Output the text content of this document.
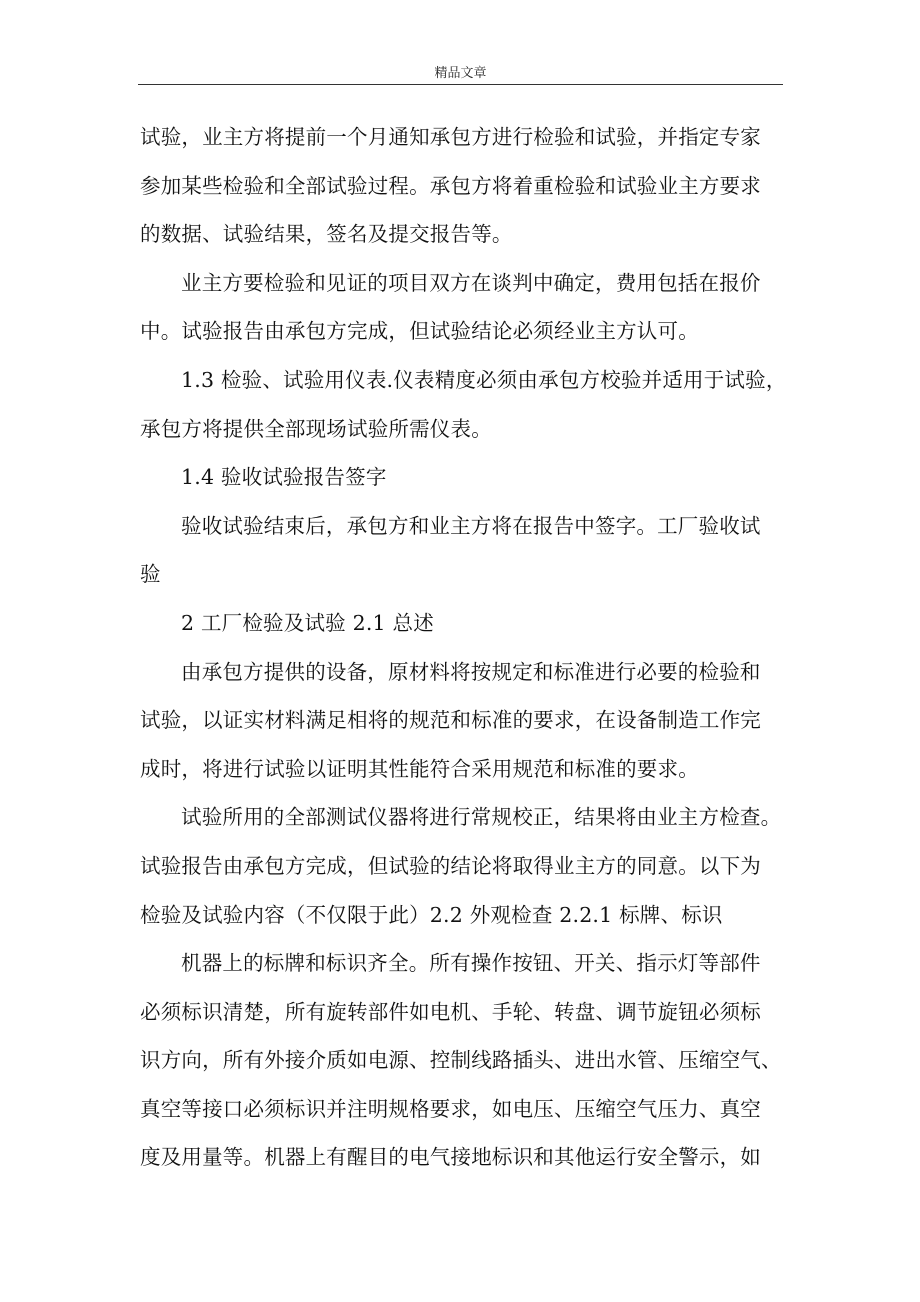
精品文章

试验，业主方将提前一个月通知承包方进行检验和试验，并指定专家
参加某些检验和全部试验过程。承包方将着重检验和试验业主方要求
的数据、试验结果，签名及提交报告等。

业主方要检验和见证的项目双方在谈判中确定，费用包括在报价
中。试验报告由承包方完成，但试验结论必须经业主方认可。

1.3 检验、试验用仪表.仪表精度必须由承包方校验并适用于试验，
承包方将提供全部现场试验所需仪表。

1.4 验收试验报告签字

验收试验结束后，承包方和业主方将在报告中签字。工厂验收试
验

2 工厂检验及试验 2.1 总述

由承包方提供的设备，原材料将按规定和标准进行必要的检验和
试验，以证实材料满足相将的规范和标准的要求，在设备制造工作完
成时，将进行试验以证明其性能符合采用规范和标准的要求。

试验所用的全部测试仪器将进行常规校正，结果将由业主方检查。
试验报告由承包方完成，但试验的结论将取得业主方的同意。以下为
检验及试验内容（不仅限于此）2.2 外观检查 2.2.1 标牌、标识

机器上的标牌和标识齐全。所有操作按钮、开关、指示灯等部件
必须标识清楚，所有旋转部件如电机、手轮、转盘、调节旋钮必须标
识方向，所有外接介质如电源、控制线路插头、进出水管、压缩空气、
真空等接口必须标识并注明规格要求，如电压、压缩空气压力、真空
度及用量等。机器上有醒目的电气接地标识和其他运行安全警示，如
